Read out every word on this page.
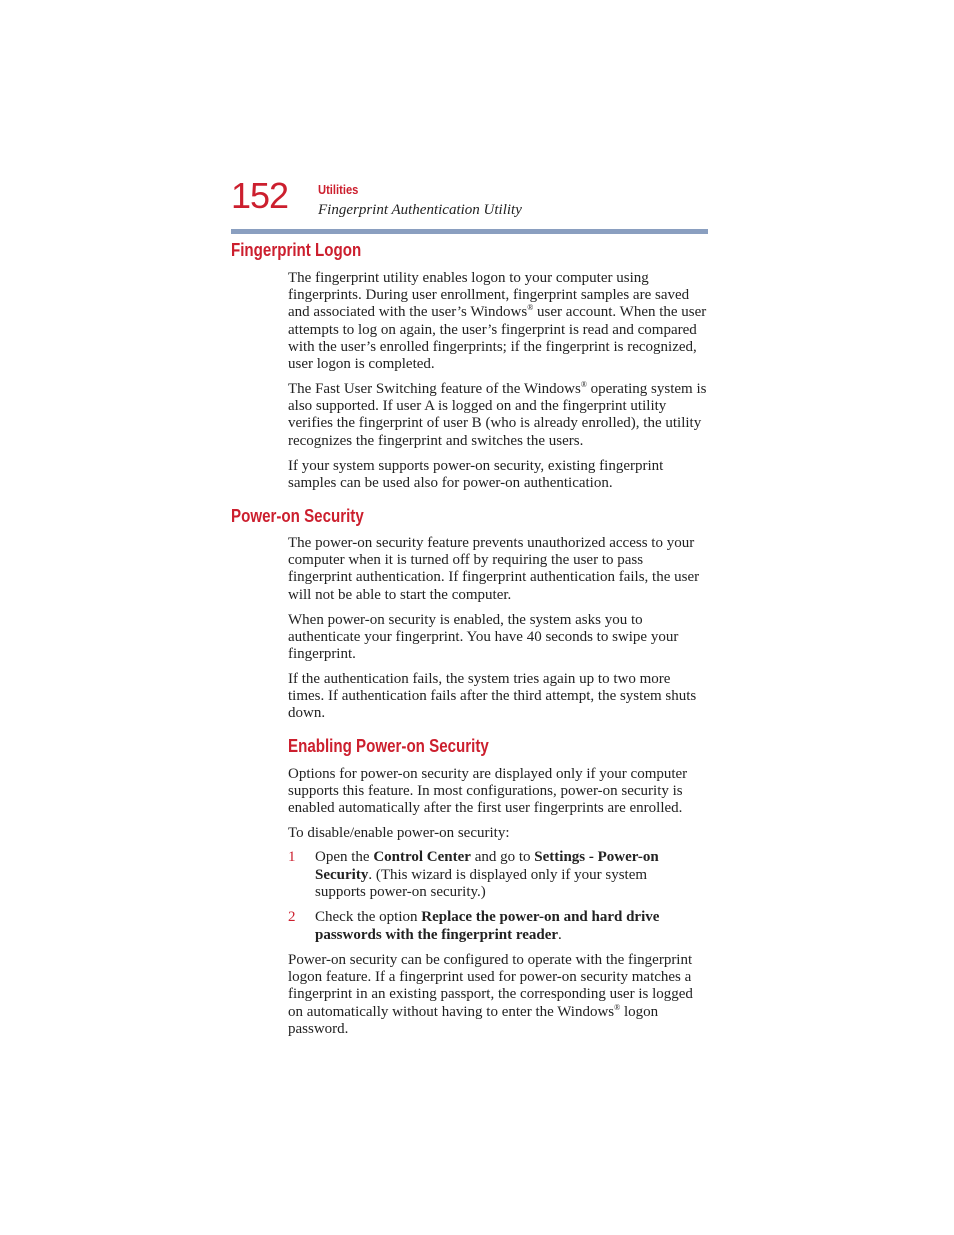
152 Utilities
Fingerprint Authentication Utility
Fingerprint Logon

The fingerprint utility enables logon to your computer using fingerprints. During user enrollment, fingerprint samples are saved and associated with the user’s Windows® user account. When the user attempts to log on again, the user’s fingerprint is read and compared with the user’s enrolled fingerprints; if the fingerprint is recognized, user logon is completed.

The Fast User Switching feature of the Windows® operating system is also supported. If user A is logged on and the fingerprint utility verifies the fingerprint of user B (who is already enrolled), the utility recognizes the fingerprint and switches the users.

If your system supports power-on security, existing fingerprint samples can be used also for power-on authentication.

Power-on Security

The power-on security feature prevents unauthorized access to your computer when it is turned off by requiring the user to pass fingerprint authentication. If fingerprint authentication fails, the user will not be able to start the computer.

When power-on security is enabled, the system asks you to authenticate your fingerprint. You have 40 seconds to swipe your fingerprint.

If the authentication fails, the system tries again up to two more times. If authentication fails after the third attempt, the system shuts down.

Enabling Power-on Security

Options for power-on security are displayed only if your computer supports this feature. In most configurations, power-on security is enabled automatically after the first user fingerprints are enrolled.

To disable/enable power-on security:

1 Open the Control Center and go to Settings - Power-on Security. (This wizard is displayed only if your system supports power-on security.)
2 Check the option Replace the power-on and hard drive passwords with the fingerprint reader.

Power-on security can be configured to operate with the fingerprint logon feature. If a fingerprint used for power-on security matches a fingerprint in an existing passport, the corresponding user is logged on automatically without having to enter the Windows® logon password.
